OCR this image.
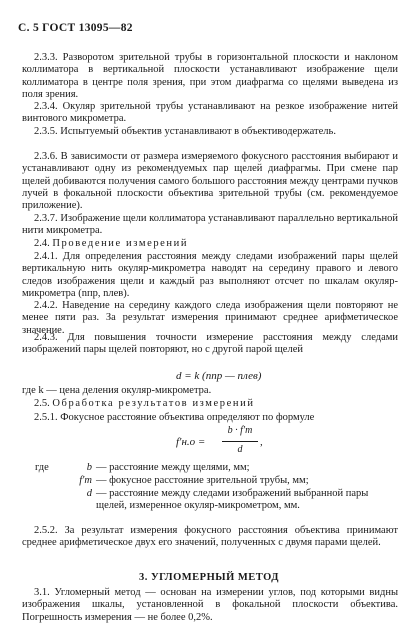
С. 5 ГОСТ 13095—82
2.3.3. Разворотом зрительной трубы в горизонтальной плоскости и наклоном коллиматора в вертикальной плоскости устанавливают изображение щели коллиматора в центре поля зрения, при этом диафрагма со щелями выведена из поля зрения.
2.3.4. Окуляр зрительной трубы устанавливают на резкое изображение нитей винтового микрометра.
2.3.5. Испытуемый объектив устанавливают в объективодержатель.
2.3.6. В зависимости от размера измеряемого фокусного расстояния выбирают и устанавливают одну из рекомендуемых пар щелей диафрагмы. При смене пар щелей добиваются получения самого большого расстояния между центрами пучков лучей в фокальной плоскости объектива зрительной трубы (см. рекомендуемое приложение).
2.3.7. Изображение щели коллиматора устанавливают параллельно вертикальной нити микрометра.
2.4. Проведение измерений
2.4.1. Для определения расстояния между следами изображений пары щелей вертикальную нить окуляр-микрометра наводят на середину правого и левого следов изображения щели и каждый раз выполняют отсчет по шкалам окуляр-микрометра (nпр, nлев).
2.4.2. Наведение на середину каждого следа изображения щели повторяют не менее пяти раз. За результат измерения принимают среднее арифметическое значение.
2.4.3. Для повышения точности измерение расстояния между следами изображений пары щелей повторяют, но с другой парой щелей
d = k (nпр — nлев)
где k — цена деления окуляр-микрометра.
2.5. Обработка результатов измерений
2.5.1. Фокусное расстояние объектива определяют по формуле
f′н.о =
b · f′т
d
,
где	b — расстояние между щелями, мм;
f′т — фокусное расстояние зрительной трубы, мм;
d — расстояние между следами изображений выбранной пары щелей, измеренное окуляр-микрометром, мм.
2.5.2. За результат измерения фокусного расстояния объектива принимают среднее арифметическое двух его значений, полученных с двумя парами щелей.
3. УГЛОМЕРНЫЙ МЕТОД
3.1. Угломерный метод — основан на измерении углов, под которыми видны изображения шкалы, установленной в фокальной плоскости объектива. Погрешность измерения — не более 0,2%.
